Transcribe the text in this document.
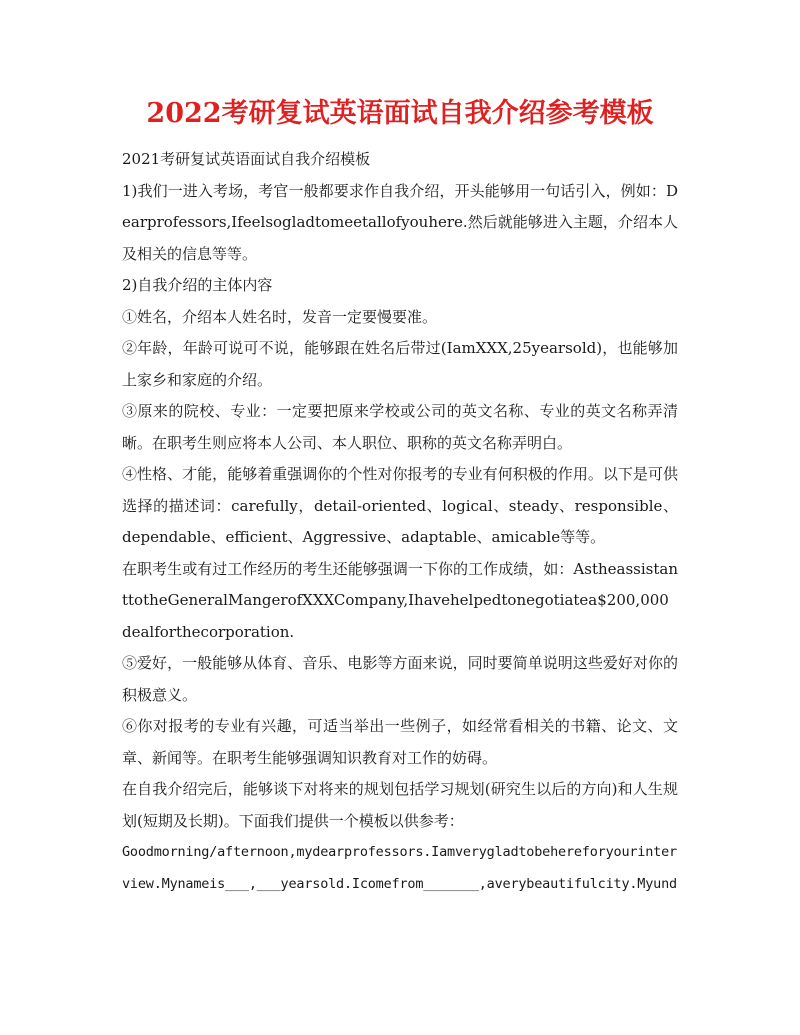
2022考研复试英语面试自我介绍参考模板

2021考研复试英语面试自我介绍模板

1)我们一进入考场，考官一般都要求作自我介绍，开头能够用一句话引入，例如：Dearprofessors,Ifeelsogladtomeetallofyouhere.然后就能够进入主题，介绍本人及相关的信息等等。

2)自我介绍的主体内容

①姓名，介绍本人姓名时，发音一定要慢要准。

②年龄，年龄可说可不说，能够跟在姓名后带过(IamXXX,25yearsold)，也能够加上家乡和家庭的介绍。

③原来的院校、专业：一定要把原来学校或公司的英文名称、专业的英文名称弄清晰。在职考生则应将本人公司、本人职位、职称的英文名称弄明白。

④性格、才能，能够着重强调你的个性对你报考的专业有何积极的作用。以下是可供选择的描述词：carefully，detail-oriented、logical、steady、responsible、dependable、efficient、Aggressive、adaptable、amicable等等。

在职考生或有过工作经历的考生还能够强调一下你的工作成绩，如：AstheassistanttotheGeneralMangerofXXXCompany,Ihavehelpedtonegotiatea$200,000dealforthecorporation.

⑤爱好，一般能够从体育、音乐、电影等方面来说，同时要简单说明这些爱好对你的积极意义。

⑥你对报考的专业有兴趣，可适当举出一些例子，如经常看相关的书籍、论文、文章、新闻等。在职考生能够强调知识教育对工作的妨碍。

在自我介绍完后，能够谈下对将来的规划包括学习规划(研究生以后的方向)和人生规划(短期及长期)。下面我们提供一个模板以供参考：

Goodmorning/afternoon,mydearprofessors.Iamverygladtobehereforyourinterview.Mynameis___,___yearsold.Icomefrom_______,averybeautifulcity.Myund
